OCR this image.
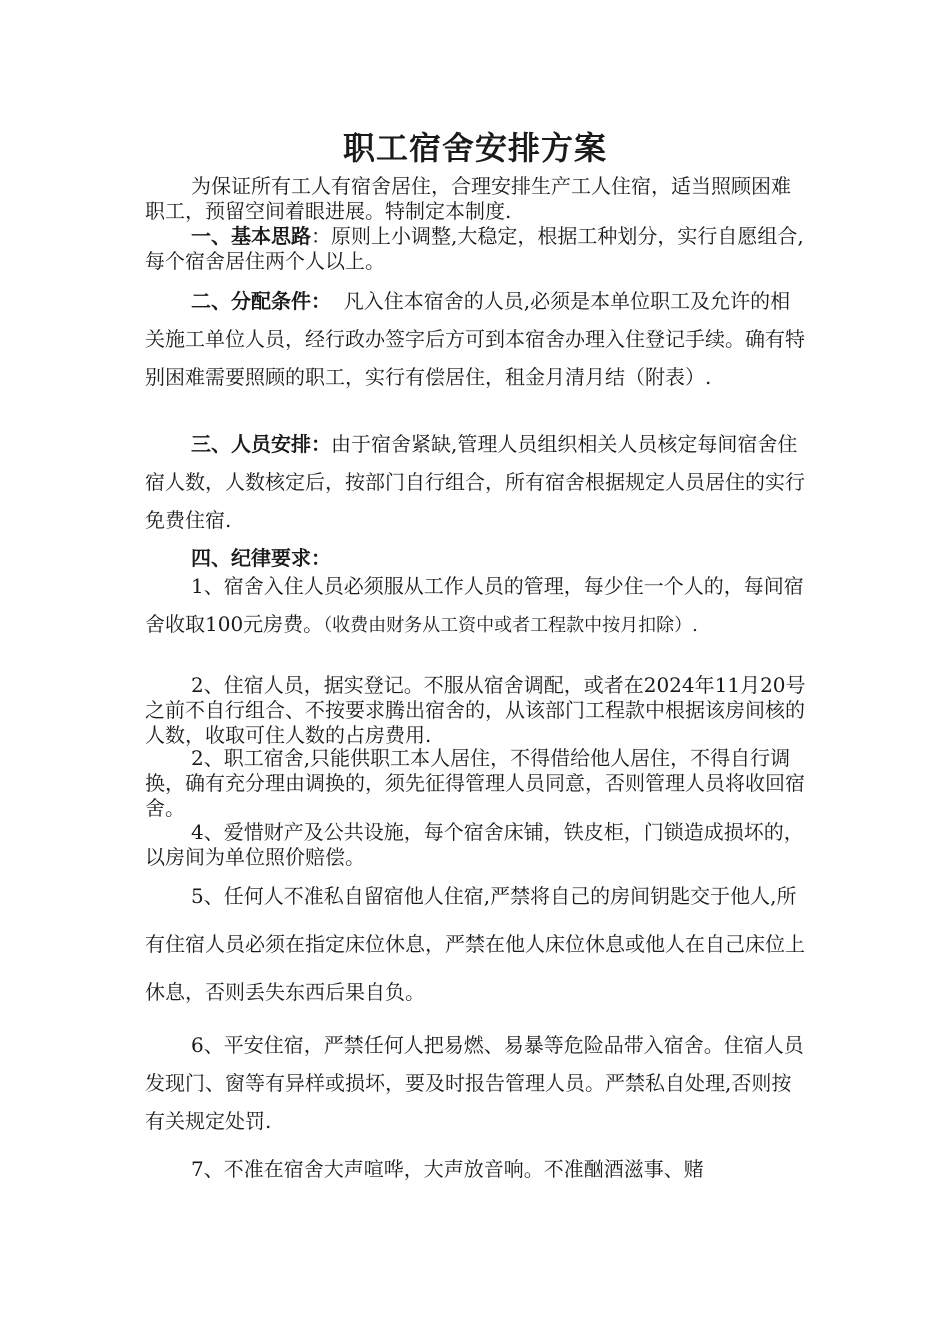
职工宿舍安排方案

为保证所有工人有宿舍居住，合理安排生产工人住宿，适当照顾困难职工，预留空间着眼进展。特制定本制度.

一、基本思路：原则上小调整,大稳定，根据工种划分，实行自愿组合,每个宿舍居住两个人以上。

二、分配条件： 凡入住本宿舍的人员,必须是本单位职工及允许的相关施工单位人员，经行政办签字后方可到本宿舍办理入住登记手续。确有特别困难需要照顾的职工，实行有偿居住，租金月清月结（附表）.

三、人员安排：由于宿舍紧缺,管理人员组织相关人员核定每间宿舍住宿人数，人数核定后，按部门自行组合，所有宿舍根据规定人员居住的实行免费住宿.

四、纪律要求：

1、宿舍入住人员必须服从工作人员的管理，每少住一个人的，每间宿舍收取100元房费。（收费由财务从工资中或者工程款中按月扣除）.

2、住宿人员，据实登记。不服从宿舍调配，或者在2024年11月20号之前不自行组合、不按要求腾出宿舍的，从该部门工程款中根据该房间核的人数，收取可住人数的占房费用.

2、职工宿舍,只能供职工本人居住，不得借给他人居住，不得自行调换，确有充分理由调换的，须先征得管理人员同意，否则管理人员将收回宿舍。

4、爱惜财产及公共设施，每个宿舍床铺，铁皮柜，门锁造成损坏的，以房间为单位照价赔偿。

5、任何人不准私自留宿他人住宿,严禁将自己的房间钥匙交于他人,所有住宿人员必须在指定床位休息，严禁在他人床位休息或他人在自己床位上休息，否则丢失东西后果自负。

6、平安住宿，严禁任何人把易燃、易暴等危险品带入宿舍。住宿人员发现门、窗等有异样或损坏，要及时报告管理人员。严禁私自处理,否则按有关规定处罚.

7、不准在宿舍大声喧哗，大声放音响。不准酗酒滋事、赌
